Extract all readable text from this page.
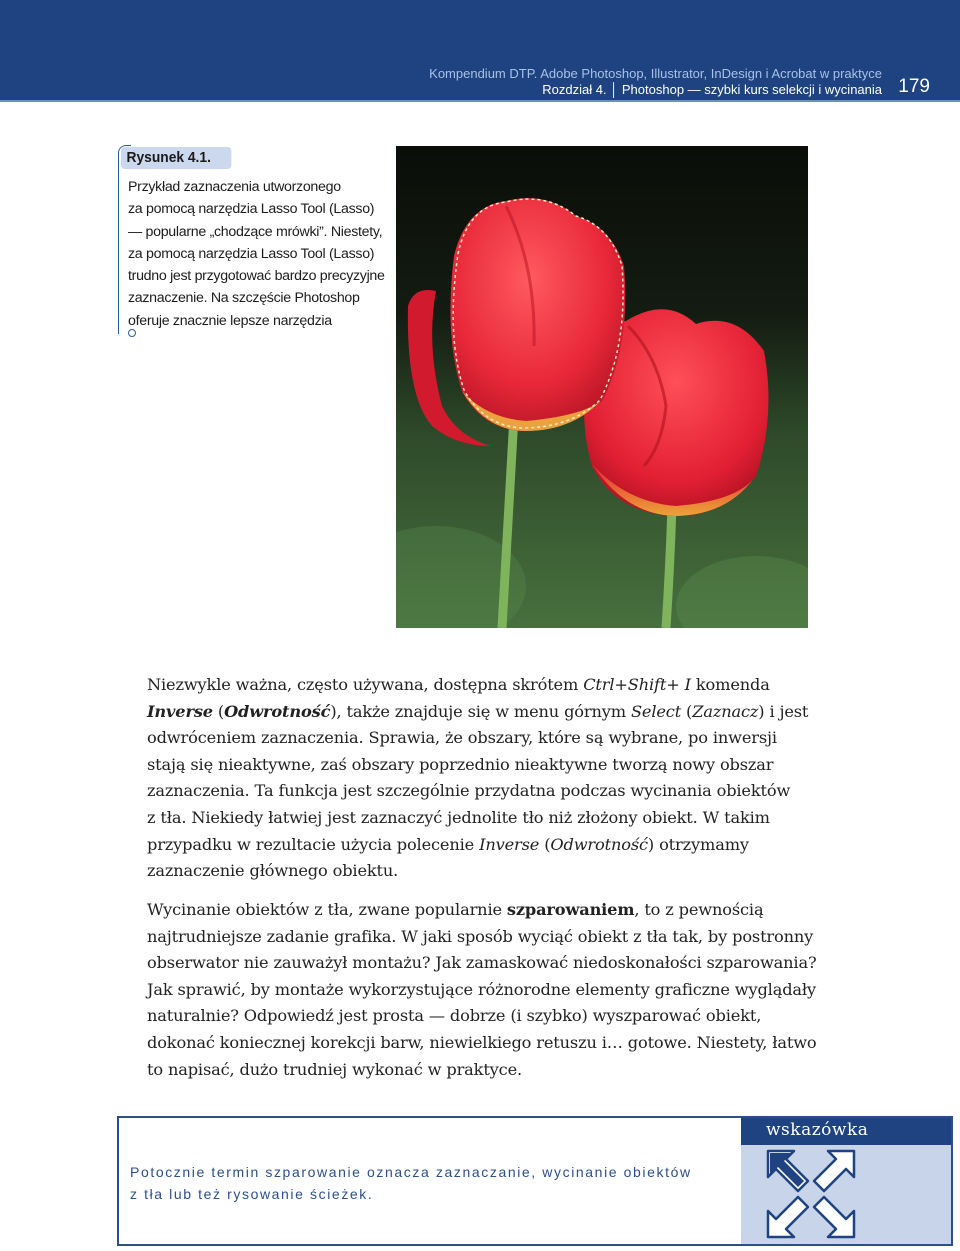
Kompendium DTP. Adobe Photoshop, Illustrator, InDesign i Acrobat w praktyce
Rozdział 4. │ Photoshop — szybki kurs selekcji i wycinania 179
Rysunek 4.1.
Przykład zaznaczenia utworzonego
za pomocą narzędzia Lasso Tool (Lasso)
— popularne „chodzące mrówki”. Niestety,
za pomocą narzędzia Lasso Tool (Lasso)
trudno jest przygotować bardzo precyzyjne
zaznaczenie. Na szczęście Photoshop
oferuje znacznie lepsze narzędzia
Niezwykle ważna, często używana, dostępna skrótem Ctrl+Shift+ I komenda
Inverse (Odwrotność), także znajduje się w menu górnym Select (Zaznacz) i jest
odwróceniem zaznaczenia. Sprawia, że obszary, które są wybrane, po inwersji
stają się nieaktywne, zaś obszary poprzednio nieaktywne tworzą nowy obszar
zaznaczenia. Ta funkcja jest szczególnie przydatna podczas wycinania obiektów
z tła. Niekiedy łatwiej jest zaznaczyć jednolite tło niż złożony obiekt. W takim
przypadku w rezultacie użycia polecenie Inverse (Odwrotność) otrzymamy
zaznaczenie głównego obiektu.
Wycinanie obiektów z tła, zwane popularnie szparowaniem, to z pewnością
najtrudniejsze zadanie grafika. W jaki sposób wyciąć obiekt z tła tak, by postronny
obserwator nie zauważył montażu? Jak zamaskować niedoskonałości szparowania?
Jak sprawić, by montaże wykorzystujące różnorodne elementy graficzne wyglądały
naturalnie? Odpowiedź jest prosta — dobrze (i szybko) wyszparować obiekt,
dokonać koniecznej korekcji barw, niewielkiego retuszu i… gotowe. Niestety, łatwo
to napisać, dużo trudniej wykonać w praktyce.
Potocznie termin szparowanie oznacza zaznaczanie, wycinanie obiektów
z tła lub też rysowanie ścieżek.
wskazówka
